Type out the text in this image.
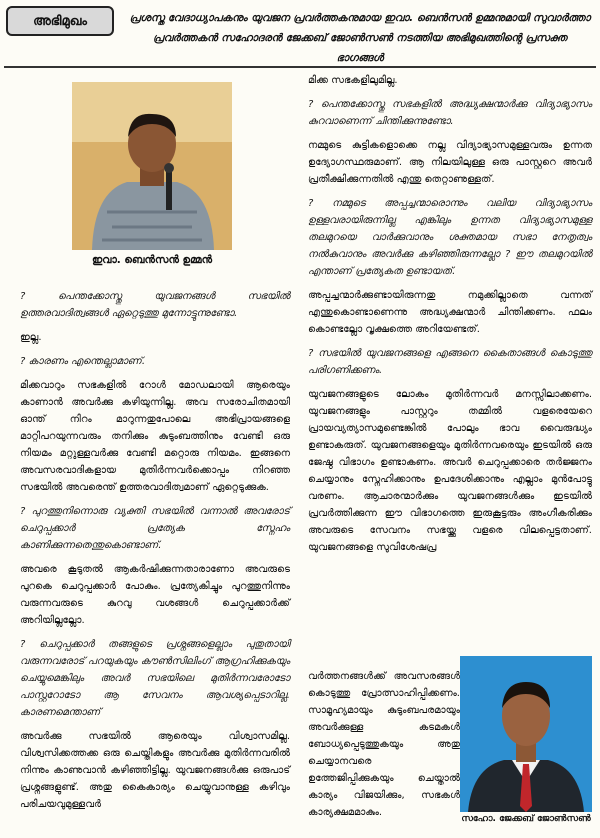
അഭിമുഖം	പ്രശസ്ത വേദാധ്യാപകനും യുവജന പ്രവർത്തകനുമായ ഇവാ. ബെൻസൻ ഉമ്മനുമായി സുവാർത്താ പ്രവർത്തകൻ സഹോദരൻ ജേക്കബ് ജോൺസൺ നടത്തിയ അഭിമുഖത്തിന്റെ പ്രസക്ത ഭാഗങ്ങൾ
ഇവാ. ബെൻസൻ ഉമ്മൻ

? പെന്തക്കോസ്തു യുവജനങ്ങൾ സഭയിൽ ഉത്തരവാദിത്വങ്ങൾ ഏറ്റെടുത്തു മുന്നോട്ടുന്നുണ്ടോ.

ഇല്ല.

? കാരണം എന്തെല്ലാമാണ്.

മിക്കവാറും സഭകളിൽ റോൾ മോഡലായി ആരെയും കാണാൻ അവർക്കു കഴിയുന്നില്ല. അവ സരോചിതമായി ഓന്ത് നിറം മാറുന്നതുപോലെ അഭിപ്രായങ്ങളെ മാറ്റിപറയുന്നവരും തനിക്കും കുടുംബത്തിനും വേണ്ടി ഒരു നിയമം മറ്റുള്ളവർക്കു വേണ്ടി മറ്റൊരു നിയമം. ഇങ്ങനെ അവസരവാദികളായ മുതിർന്നവർക്കൊപ്പം നിറഞ്ഞ സഭയിൽ അവരെന്ത് ഉത്തരവാദിത്വമാണ് ഏറ്റെടുക്കുക.

? പുറത്തുനിന്നൊരു വ്യക്തി സഭയിൽ വന്നാൽ അവരോട് ചെറുപ്പക്കാർ പ്രത്യേക സ്നേഹം കാണിക്കുന്നതെന്തുകൊണ്ടാണ്.

അവരെ കൂടുതൽ ആകർഷിക്കുന്നതാരാണോ അവരുടെ പുറകെ ചെറുപ്പക്കാർ പോകും. പ്രത്യേകിച്ചും പുറത്തുനിന്നും വരുന്നവരുടെ കുറവു വശങ്ങൾ ചെറുപ്പക്കാർക്ക് അറിയില്ലല്ലോ.

? ചെറുപ്പക്കാർ തങ്ങളുടെ പ്രശ്നങ്ങളെല്ലാം പുതുതായി വരുന്നവരോട് പറയുകയും കൗൺസിലിംഗ് ആഗ്രഹിക്കുകയും ചെയ്യുമെങ്കിലും അവർ സഭയിലെ മുതിർന്നവരോടോ പാസ്റ്ററോടോ ആ സേവനം ആവശ്യപ്പെടാറില്ല. കാരണമെന്താണ്

അവർക്കു സഭയിൽ ആരെയും വിശ്വാസമില്ല. വിശ്വസിക്കത്തക്ക ഒരു ചെയ്തികളും അവർക്കു മുതിർന്നവരിൽ നിന്നും കാണുവാൻ കഴിഞ്ഞിട്ടില്ല. യുവജനങ്ങൾക്കു ഒരുപാട് പ്രശ്നങ്ങളുണ്ട്. അതു കൈകാര്യം ചെയ്യുവാനുള്ള കഴിവും പരിചയവുമുള്ളവർ

മിക്ക സഭകളിലുമില്ല.

? പെന്തക്കോസ്തു സഭകളിൽ അദ്ധ്യക്ഷന്മാർക്കു വിദ്യാഭ്യാസം കുറവാണെന്ന് ചിന്തിക്കുന്നുണ്ടോ.

നമ്മുടെ കുട്ടികളൊക്കെ നല്ല വിദ്യാഭ്യാസമുള്ളവരും ഉന്നത ഉദ്യോഗസ്ഥരുമാണ്. ആ നിലയിലുള്ള ഒരു പാസ്റ്ററെ അവർ പ്രതീക്ഷിക്കുന്നതിൽ എന്തു തെറ്റാണുള്ളത്.

? നമ്മുടെ അപ്പച്ചന്മാരൊന്നും വലിയ വിദ്യാഭ്യാസം ഉള്ളവരായിരുന്നില്ല എങ്കിലും ഉന്നത വിദ്യാഭ്യാസമുള്ള തലമുറയെ വാർക്കുവാനും ശക്തമായ സഭാ നേതൃത്വം നൽകുവാനും അവർക്കു കഴിഞ്ഞിരുന്നല്ലോ ? ഈ തലമുറയിൽ എന്താണ് പ്രത്യേകത ഉണ്ടായത്.

അപ്പച്ചന്മാർക്കുണ്ടായിരുന്നതു നമുക്കില്ലാതെ വന്നത് എന്തുകൊണ്ടാണെന്നു അദ്ധ്യക്ഷന്മാർ ചിന്തിക്കണം. ഫലം കൊണ്ടല്ലോ വൃക്ഷത്തെ അറിയേണ്ടത്.

? സഭയിൽ യുവജനങ്ങളെ എങ്ങനെ കൈതാങ്ങൾ കൊടുത്തു പരിഗണിക്കണം.

യുവജനങ്ങളുടെ ലോകം മുതിർന്നവർ മനസ്സിലാക്കണം. യുവജനങ്ങളും പാസ്റ്ററും തമ്മിൽ വളരെയേറെ പ്രായവ്യത്യാസമുണ്ടെങ്കിൽ പോലും ഭാവ വൈരുദ്ധ്യം ഉണ്ടാകരുത്. യുവജനങ്ങളെയും മുതിർന്നവരെയും ഇടയിൽ ഒരു ജേഷ്ഠ വിഭാഗം ഉണ്ടാകണം. അവർ ചെറുപ്പക്കാരെ തർജ്ജനം ചെയ്യാനും സ്നേഹിക്കാനും ഉപദേശിക്കാനും എല്ലാം മുൻപോട്ടു വരണം. ആചാരന്മാർക്കും യുവജനങ്ങൾക്കും ഇടയിൽ പ്രവർത്തിക്കുന്ന ഈ വിഭാഗത്തെ ഇരുകൂട്ടരും അംഗീകരിക്കും അവരുടെ സേവനം സഭയ്ക്കു വളരെ വിലപ്പെട്ടതാണ്. യുവജനങ്ങളെ സുവിശേഷപ്ര

വർത്തനങ്ങൾക്ക് അവസരങ്ങൾ കൊടുത്തു പ്രോത്സാഹിപ്പിക്കണം. സാമൂഹ്യമായും കുടുംബപരമായും അവർക്കുള്ള കടമകൾ ബോധ്യപ്പെടുത്തുകയും അതു ചെയ്യാനവരെ ഉത്തേജിപ്പിക്കുകയും ചെയ്താൽ കാര്യം വിജയിക്കും, സഭകൾ കാര്യക്ഷമമാകും.

സഹോ. ജേക്കബ് ജോൺസൺ
